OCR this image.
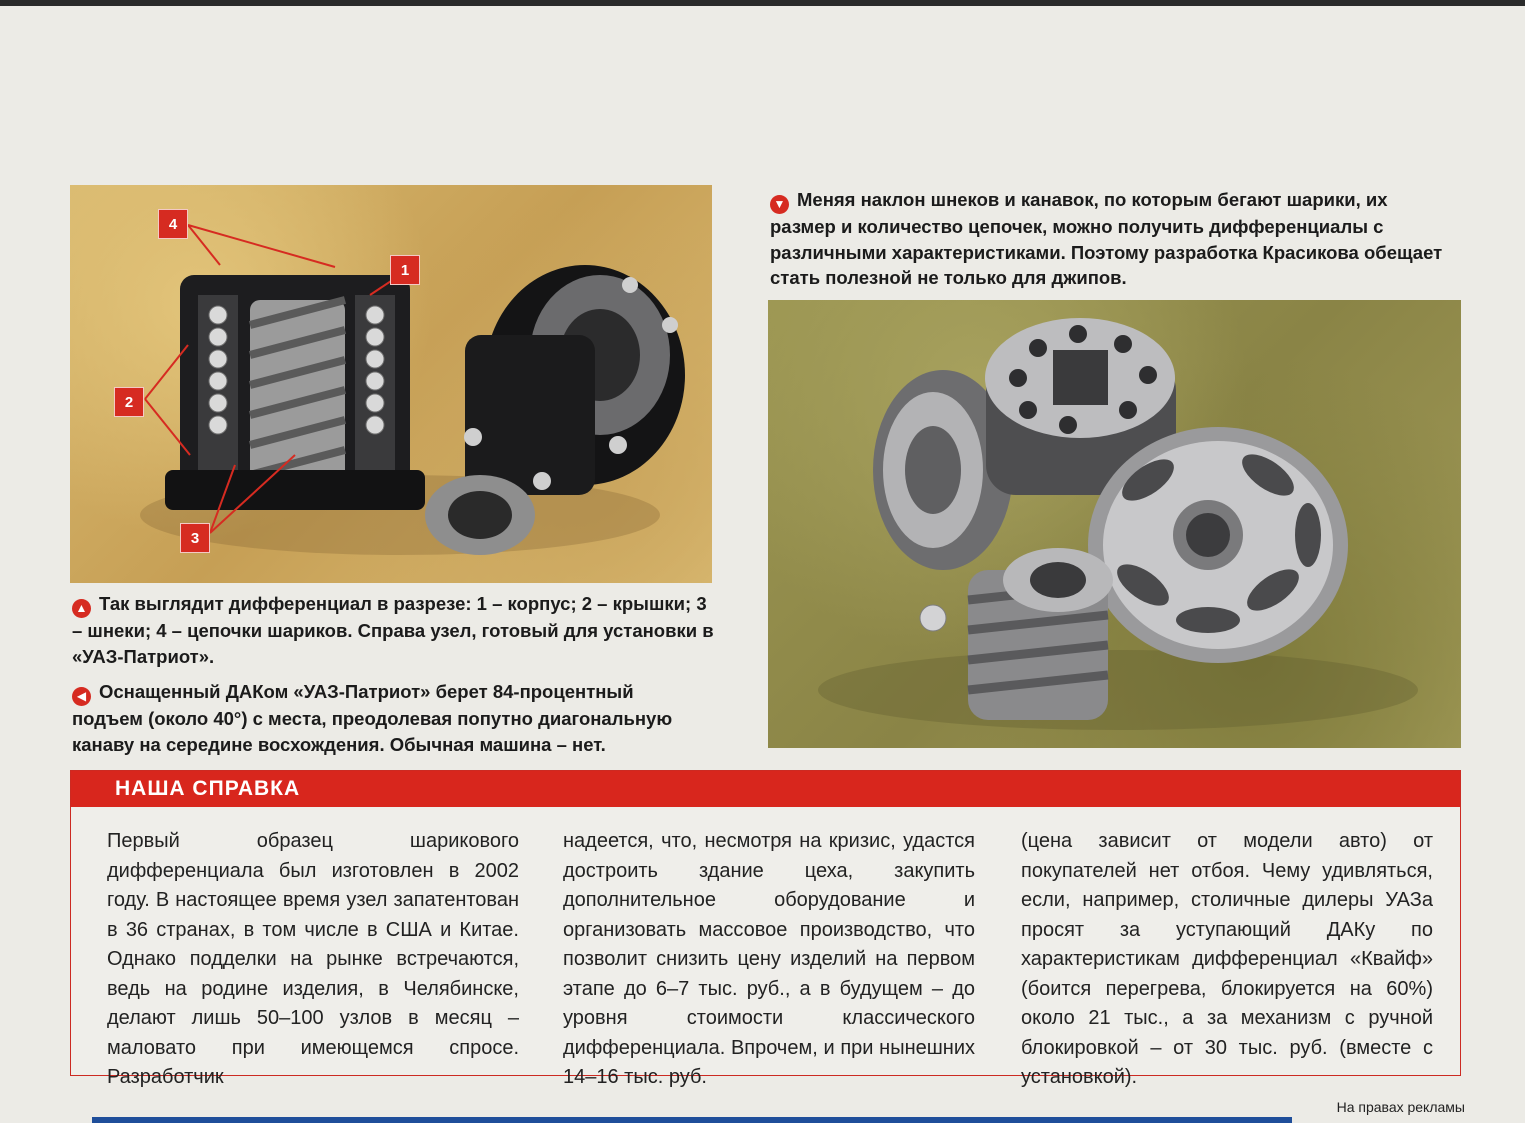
4
1
2
3
▼ Меняя наклон шнеков и канавок, по которым бегают шарики, их размер и количество цепочек, можно получить дифференциалы с различными характеристиками. Поэтому разработка Красикова обещает стать полезной не только для джипов.
▲ Так выглядит дифференциал в разрезе: 1 – корпус; 2 – крышки; 3 – шнеки; 4 – цепочки шариков. Справа узел, готовый для установки в «УАЗ-Патриот».
◀ Оснащенный ДАКом «УАЗ-Патриот» берет 84-процентный подъем (около 40°) с места, преодолевая попутно диагональную канаву на середине восхождения. Обычная машина – нет.
НАША СПРАВКА
Первый образец шарикового дифференциала был изготовлен в 2002 году. В настоящее время узел запатентован в 36 странах, в том числе в США и Китае. Однако подделки на рынке встречаются, ведь на родине изделия, в Челябинске, делают лишь 50–100 узлов в месяц – маловато при имеющемся спросе. Разработчик
надеется, что, несмотря на кризис, удастся достроить здание цеха, закупить дополнительное оборудование и организовать массовое производство, что позволит снизить цену изделий на первом этапе до 6–7 тыс. руб., а в будущем – до уровня стоимости классического дифференциала. Впрочем, и при нынешних 14–16 тыс. руб.
(цена зависит от модели авто) от покупателей нет отбоя. Чему удивляться, если, например, столичные дилеры УАЗа просят за уступающий ДАКу по характеристикам дифференциал «Квайф» (боится перегрева, блокируется на 60%) около 21 тыс., а за механизм с ручной блокировкой – от 30 тыс. руб. (вместе с установкой).
На правах рекламы
